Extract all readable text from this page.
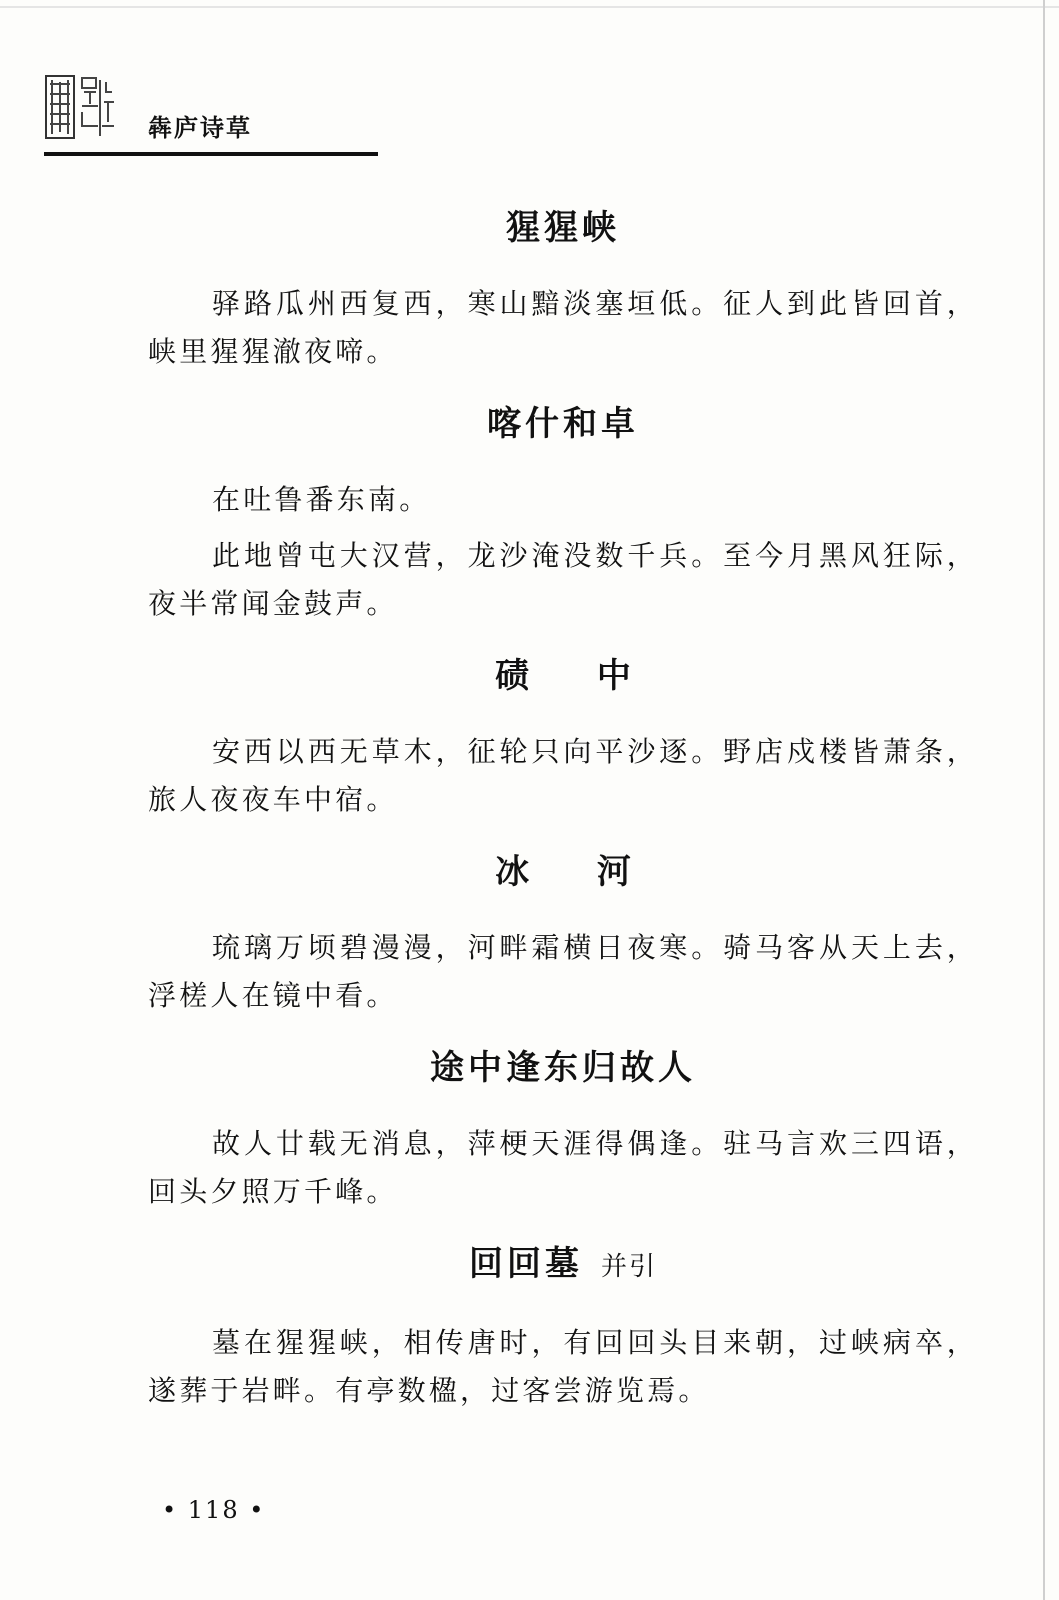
犇庐诗草
猩猩峡

驿路瓜州西复西，寒山黯淡塞垣低。征人到此皆回首，峡里猩猩澈夜啼。

喀什和卓

在吐鲁番东南。

此地曾屯大汉营，龙沙淹没数千兵。至今月黑风狂际，夜半常闻金鼓声。

碛 中

安西以西无草木，征轮只向平沙逐。野店戍楼皆萧条，旅人夜夜车中宿。

冰 河

琉璃万顷碧漫漫，河畔霜横日夜寒。骑马客从天上去，浮槎人在镜中看。

途中逢东归故人

故人廿载无消息，萍梗天涯得偶逢。驻马言欢三四语，回头夕照万千峰。

回回墓 并引

墓在猩猩峡，相传唐时，有回回头目来朝，过峡病卒，遂葬于岩畔。有亭数楹，过客尝游览焉。

• 118 •
